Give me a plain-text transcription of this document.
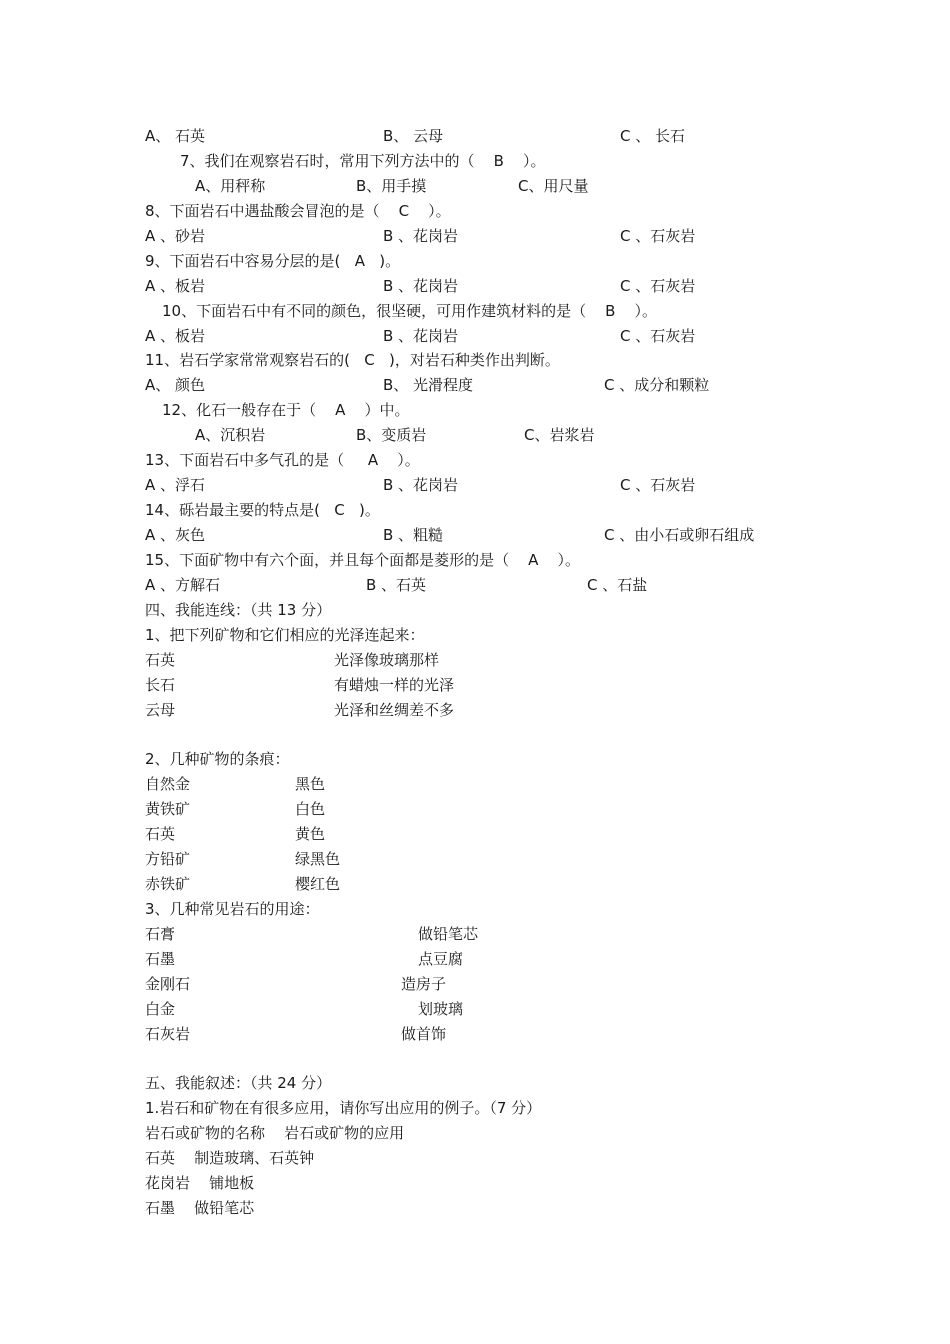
A、 石英	B、 云母	C 、 长石
7、我们在观察岩石时，常用下列方法中的（    B    ）。
A、用秤称	B、用手摸	C、用尺量
8、下面岩石中遇盐酸会冒泡的是（    C    ）。
A 、砂岩	B 、花岗岩	C 、石灰岩
9、下面岩石中容易分层的是(   A   )。
A 、板岩	B 、花岗岩	C 、石灰岩
10、下面岩石中有不同的颜色，很坚硬，可用作建筑材料的是（    B    ）。
A 、板岩	B 、花岗岩	C 、石灰岩
11、岩石学家常常观察岩石的(   C   )，对岩石种类作出判断。
A、 颜色	B、 光滑程度	C 、成分和颗粒
12、化石一般存在于（    A    ）中。
A、沉积岩	B、变质岩	C、岩浆岩
13、下面岩石中多气孔的是（     A    ）。
A 、浮石	B 、花岗岩	C 、石灰岩
14、砾岩最主要的特点是(   C   )。
A 、灰色	B 、粗糙	C 、由小石或卵石组成
15、下面矿物中有六个面，并且每个面都是菱形的是（    A    ）。
A 、方解石	B 、石英	C 、石盐
四、我能连线：（共 13 分）
1、把下列矿物和它们相应的光泽连起来：
石英	光泽像玻璃那样
长石	有蜡烛一样的光泽
云母	光泽和丝绸差不多
2、几种矿物的条痕：
自然金	黑色
黄铁矿	白色
石英	黄色
方铅矿	绿黑色
赤铁矿	樱红色
3、几种常见岩石的用途：
石膏	做铅笔芯
石墨	点豆腐
金刚石	造房子
白金	划玻璃
石灰岩	做首饰
五、我能叙述：（共 24 分）
1.岩石和矿物在有很多应用，请你写出应用的例子。（7 分）
岩石或矿物的名称    岩石或矿物的应用
石英    制造玻璃、石英钟
花岗岩    铺地板
石墨    做铅笔芯
